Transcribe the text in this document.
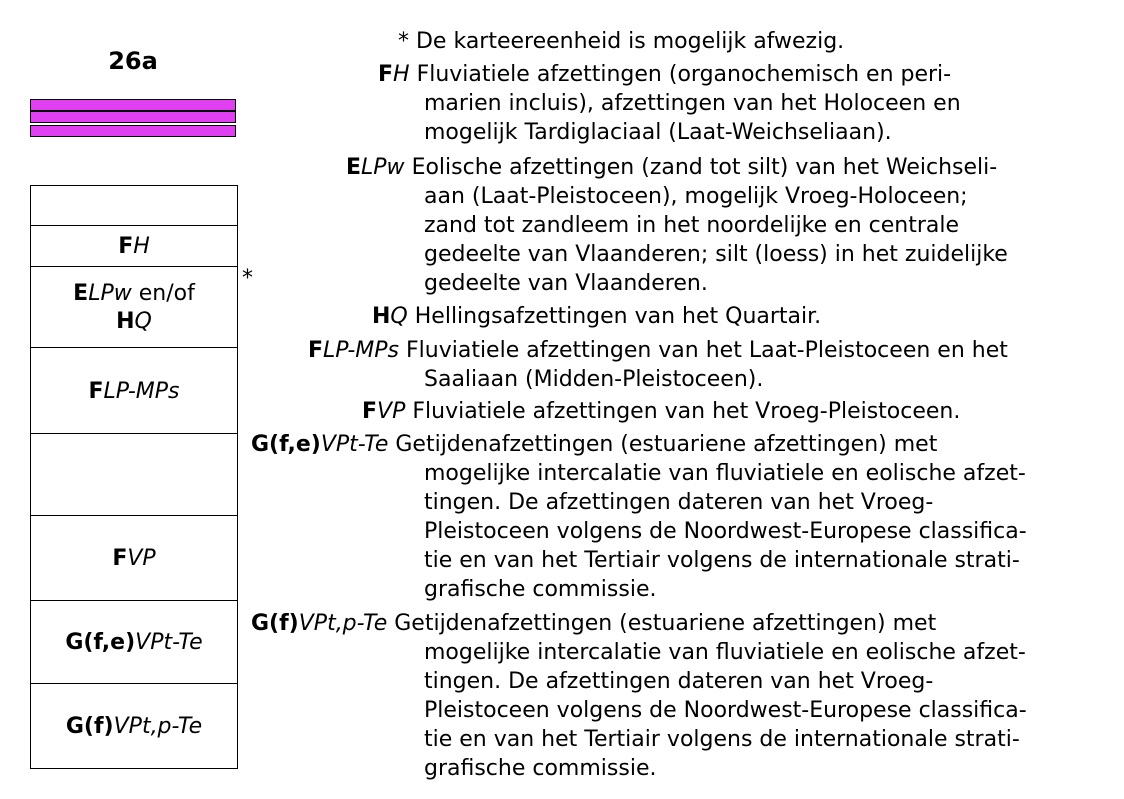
26a
FH
ELPw en/of
HQ
FLP-MPs
FVP
G(f,e)VPt-Te
G(f)VPt,p-Te
*
* De karteereenheid is mogelijk afwezig.
FH Fluviatiele afzettingen (organochemisch en peri-
marien incluis), afzettingen van het Holoceen en
mogelijk Tardiglaciaal (Laat-Weichseliaan).
ELPw Eolische afzettingen (zand tot silt) van het Weichseli-
aan (Laat-Pleistoceen), mogelijk Vroeg-Holoceen;
zand tot zandleem in het noordelijke en centrale
gedeelte van Vlaanderen; silt (loess) in het zuidelijke
gedeelte van Vlaanderen.
HQ Hellingsafzettingen van het Quartair.
FLP-MPs Fluviatiele afzettingen van het Laat-Pleistoceen en het
Saaliaan (Midden-Pleistoceen).
FVP Fluviatiele afzettingen van het Vroeg-Pleistoceen.
G(f,e)VPt-Te Getijdenafzettingen (estuariene afzettingen) met
mogelijke intercalatie van fluviatiele en eolische afzet-
tingen. De afzettingen dateren van het Vroeg-
Pleistoceen volgens de Noordwest-Europese classifica-
tie en van het Tertiair volgens de internationale strati-
grafische commissie.
G(f)VPt,p-Te Getijdenafzettingen (estuariene afzettingen) met
mogelijke intercalatie van fluviatiele en eolische afzet-
tingen. De afzettingen dateren van het Vroeg-
Pleistoceen volgens de Noordwest-Europese classifica-
tie en van het Tertiair volgens de internationale strati-
grafische commissie.
